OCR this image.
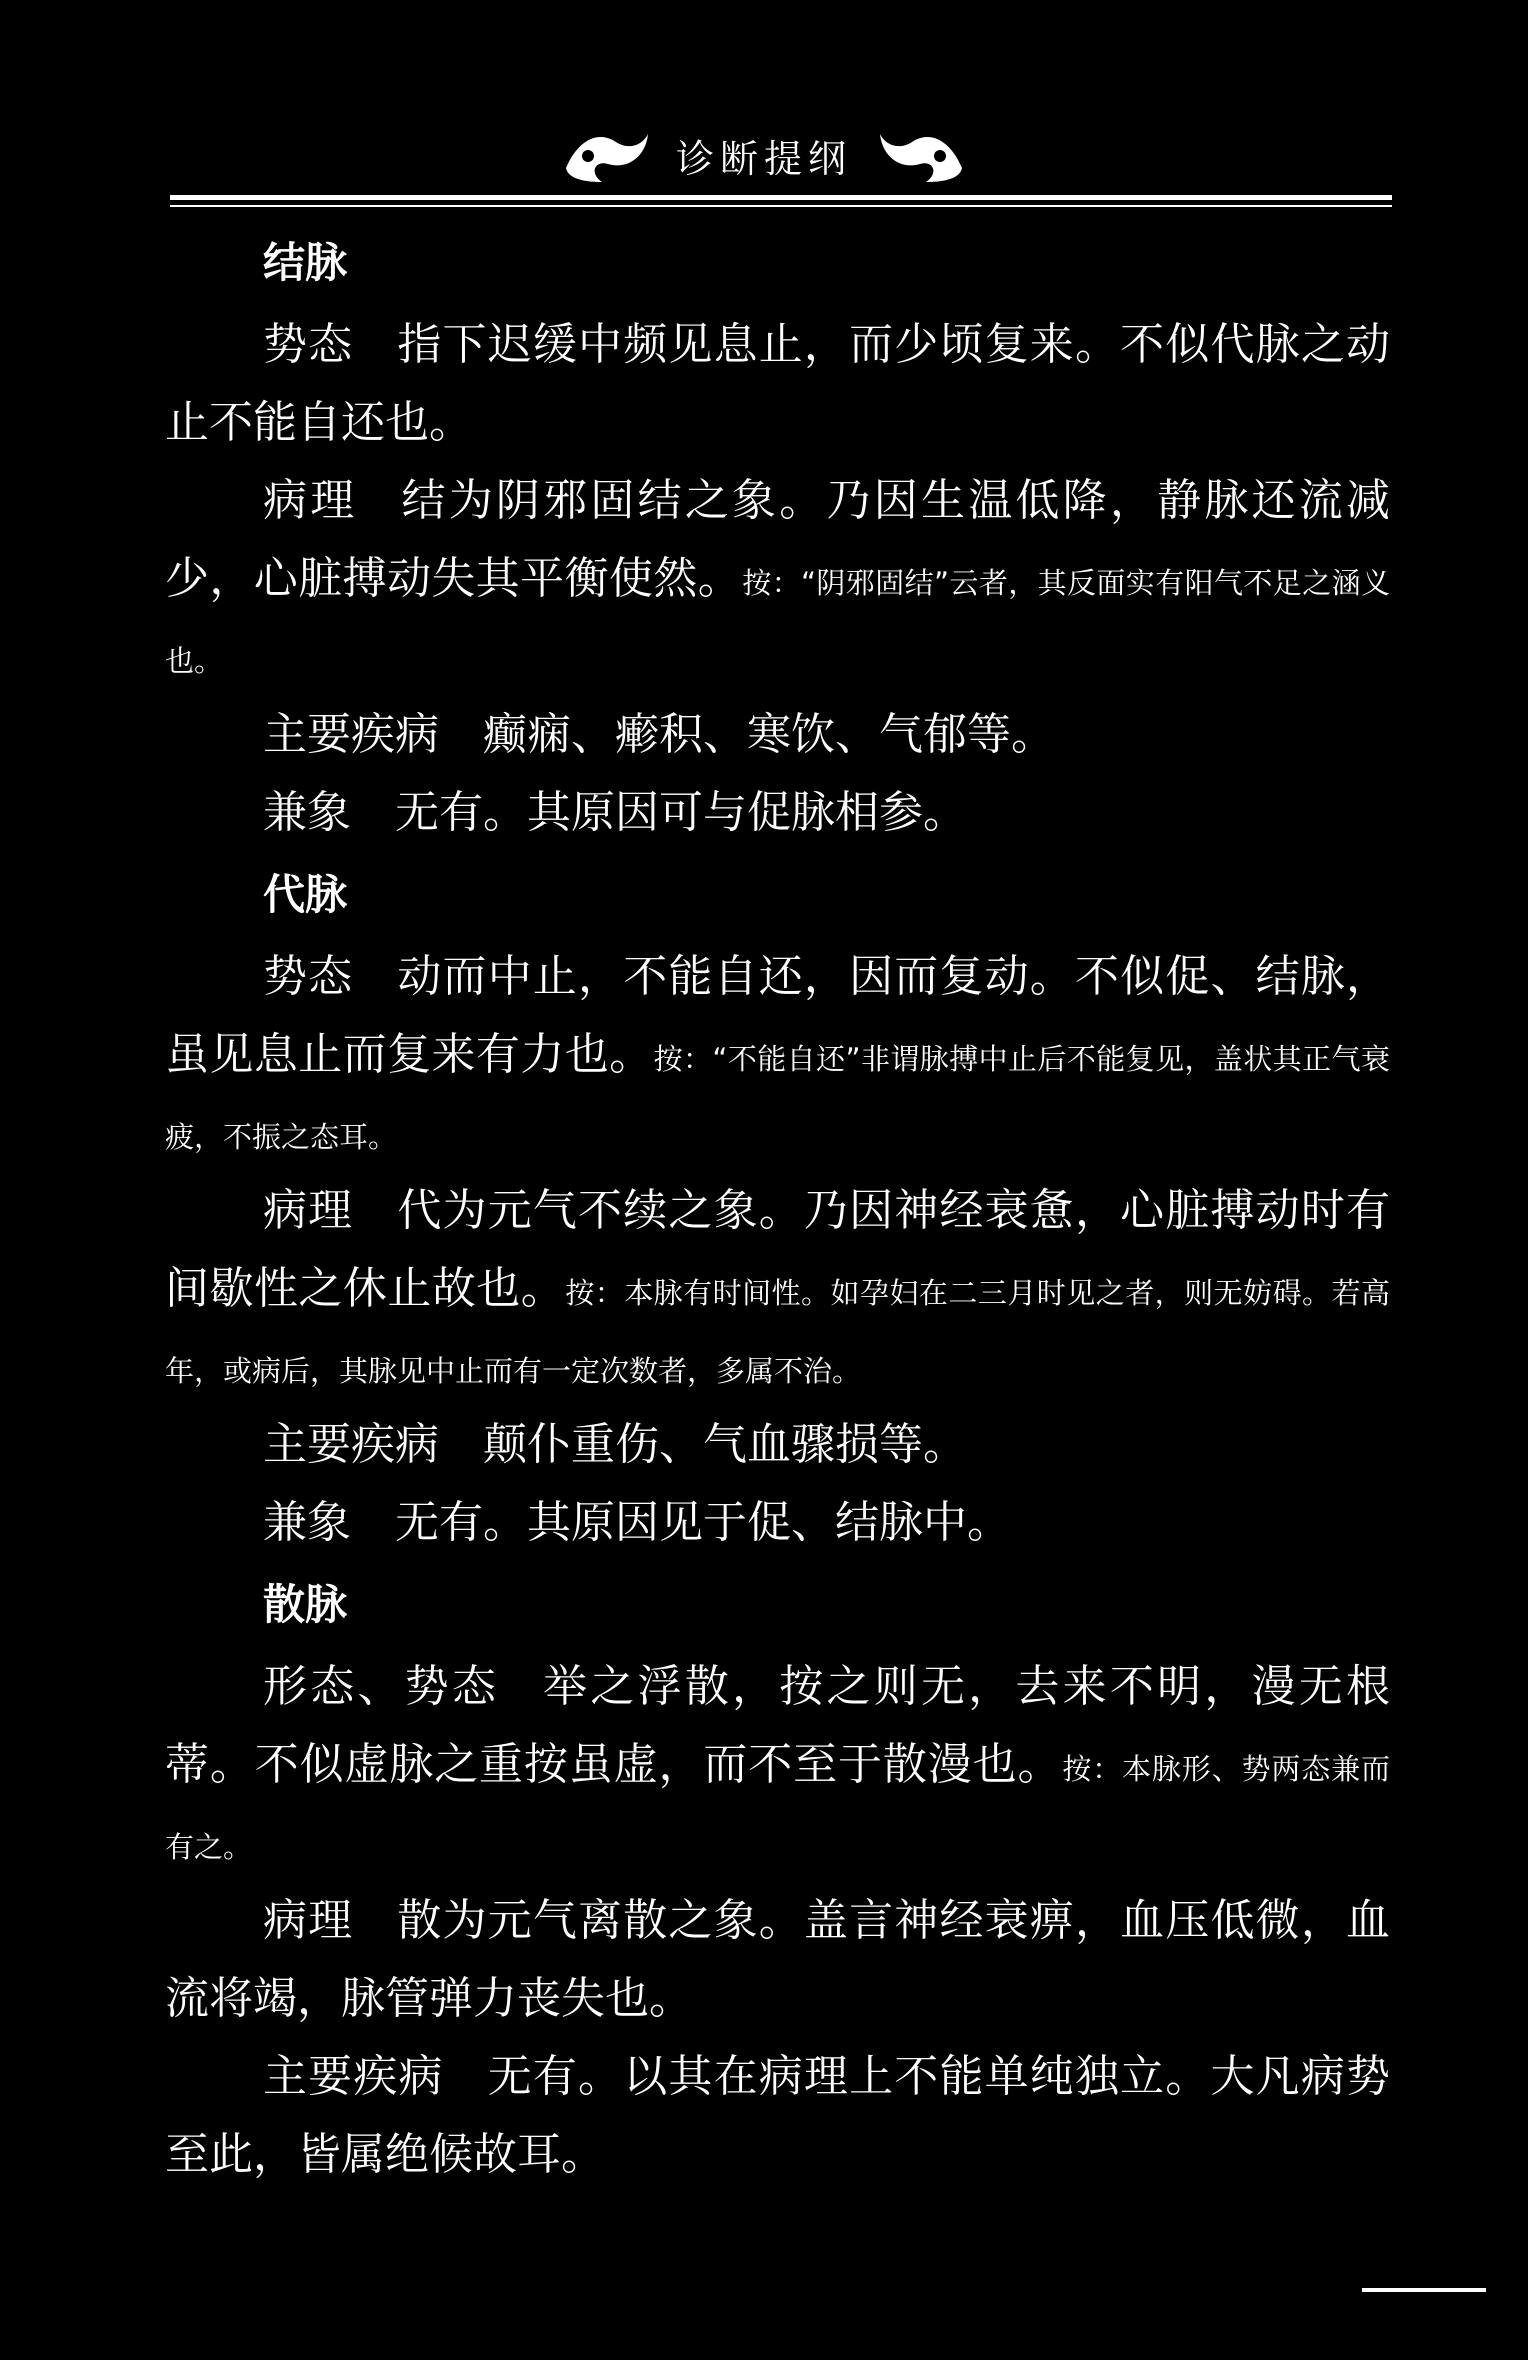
诊断提纲

结脉

势态 指下迟缓中频见息止，而少顷复来。不似代脉之动止不能自还也。

病理 结为阴邪固结之象。乃因生温低降，静脉还流减少，心脏搏动失其平衡使然。按：“阴邪固结”云者，其反面实有阳气不足之涵义也。

主要疾病 癫痫、𤺋积、寒饮、气郁等。

兼象 无有。其原因可与促脉相参。

代脉

势态 动而中止，不能自还，因而复动。不似促、结脉，虽见息止而复来有力也。按：“不能自还”非谓脉搏中止后不能复见，盖状其正气衰疲，不振之态耳。

病理 代为元气不续之象。乃因神经衰惫，心脏搏动时有间歇性之休止故也。按：本脉有时间性。如孕妇在二三月时见之者，则无妨碍。若高年，或病后，其脉见中止而有一定次数者，多属不治。

主要疾病 颠仆重伤、气血骤损等。

兼象 无有。其原因见于促、结脉中。

散脉

形态、势态 举之浮散，按之则无，去来不明，漫无根蒂。不似虚脉之重按虽虚，而不至于散漫也。按：本脉形、势两态兼而有之。

病理 散为元气离散之象。盖言神经衰痹，血压低微，血流将竭，脉管弹力丧失也。

主要疾病 无有。以其在病理上不能单纯独立。大凡病势至此，皆属绝候故耳。
